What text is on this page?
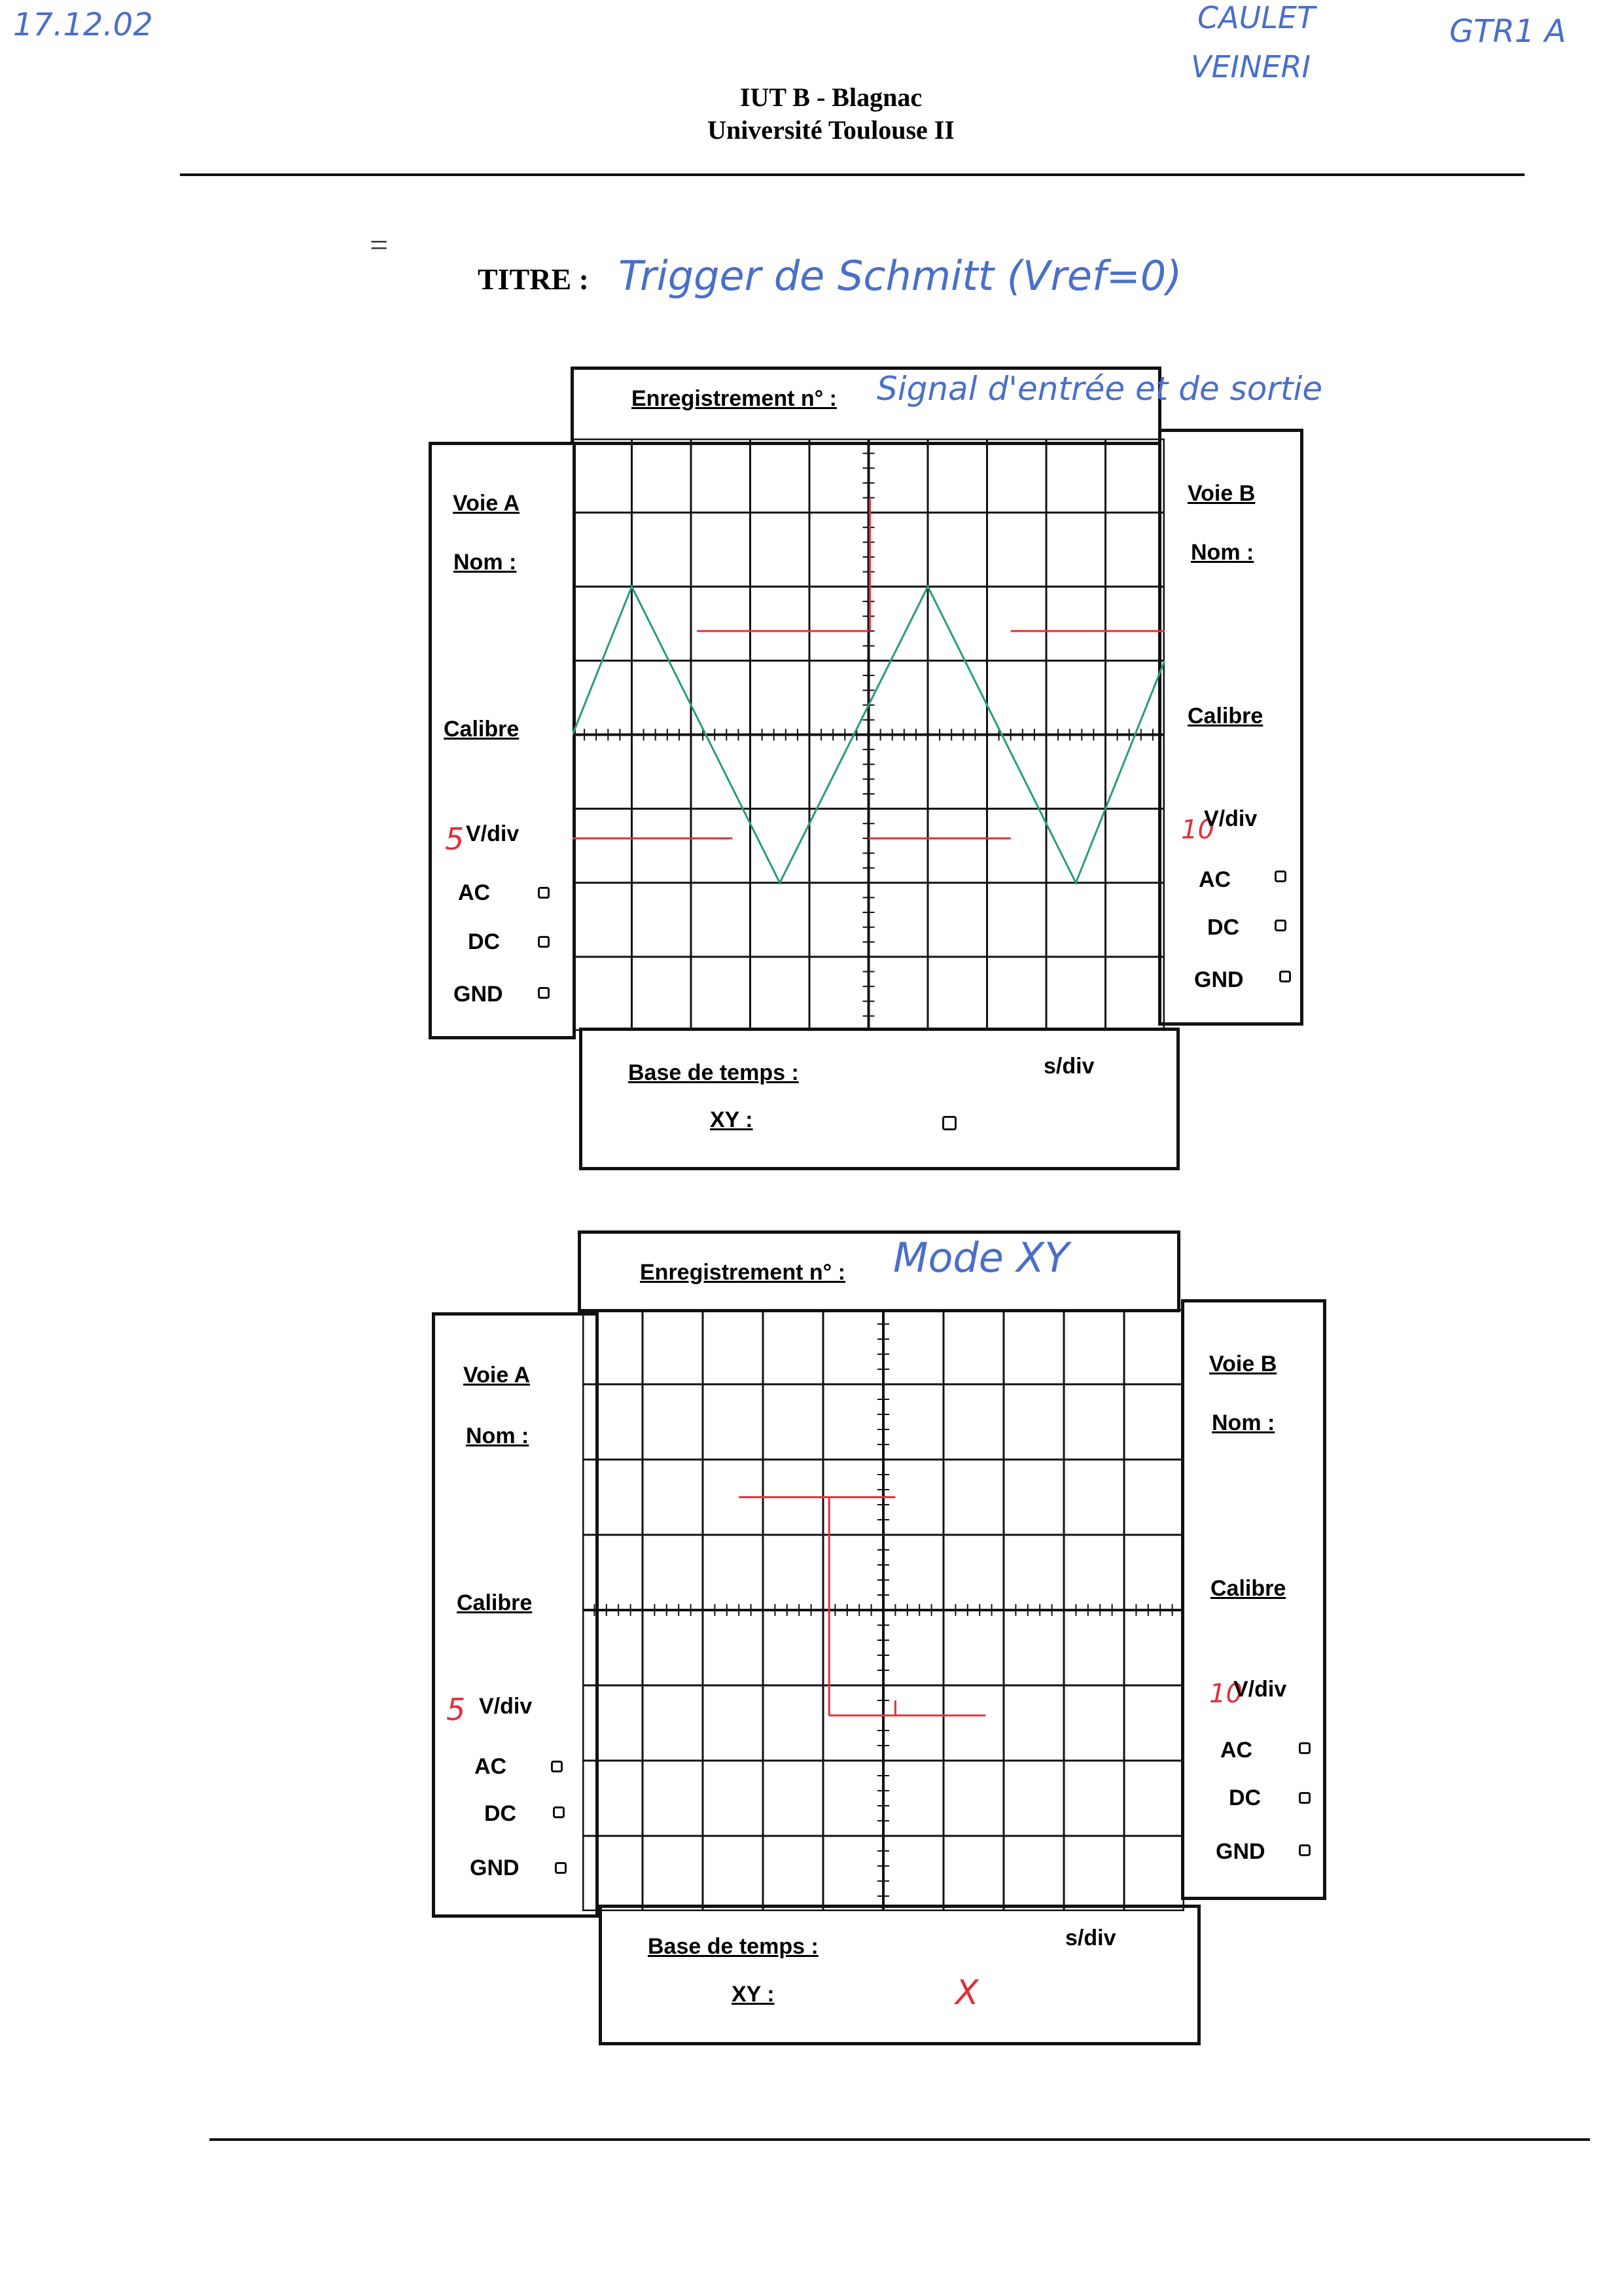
17.12.02	CAULET
VEINERI
GTR1 A
IUT B - Blagnac
Université Toulouse II
=
TITRE : Trigger de Schmitt (Vref=0)
Enregistrement n° : Signal d'entrée et de sortie
Voie A
Nom :
Calibre
5 V/div
AC
DC
GND
Voie B
Nom :
Calibre
10
V/div
AC
DC
GND
Base de temps :	s/div
XY :
Enregistrement n° : Mode XY
Voie A
Nom :
Calibre
5 V/div
AC
DC
GND
Voie B
Nom :
Calibre
10
V/div
AC
DC
GND
Base de temps :	s/div
XY :	X
